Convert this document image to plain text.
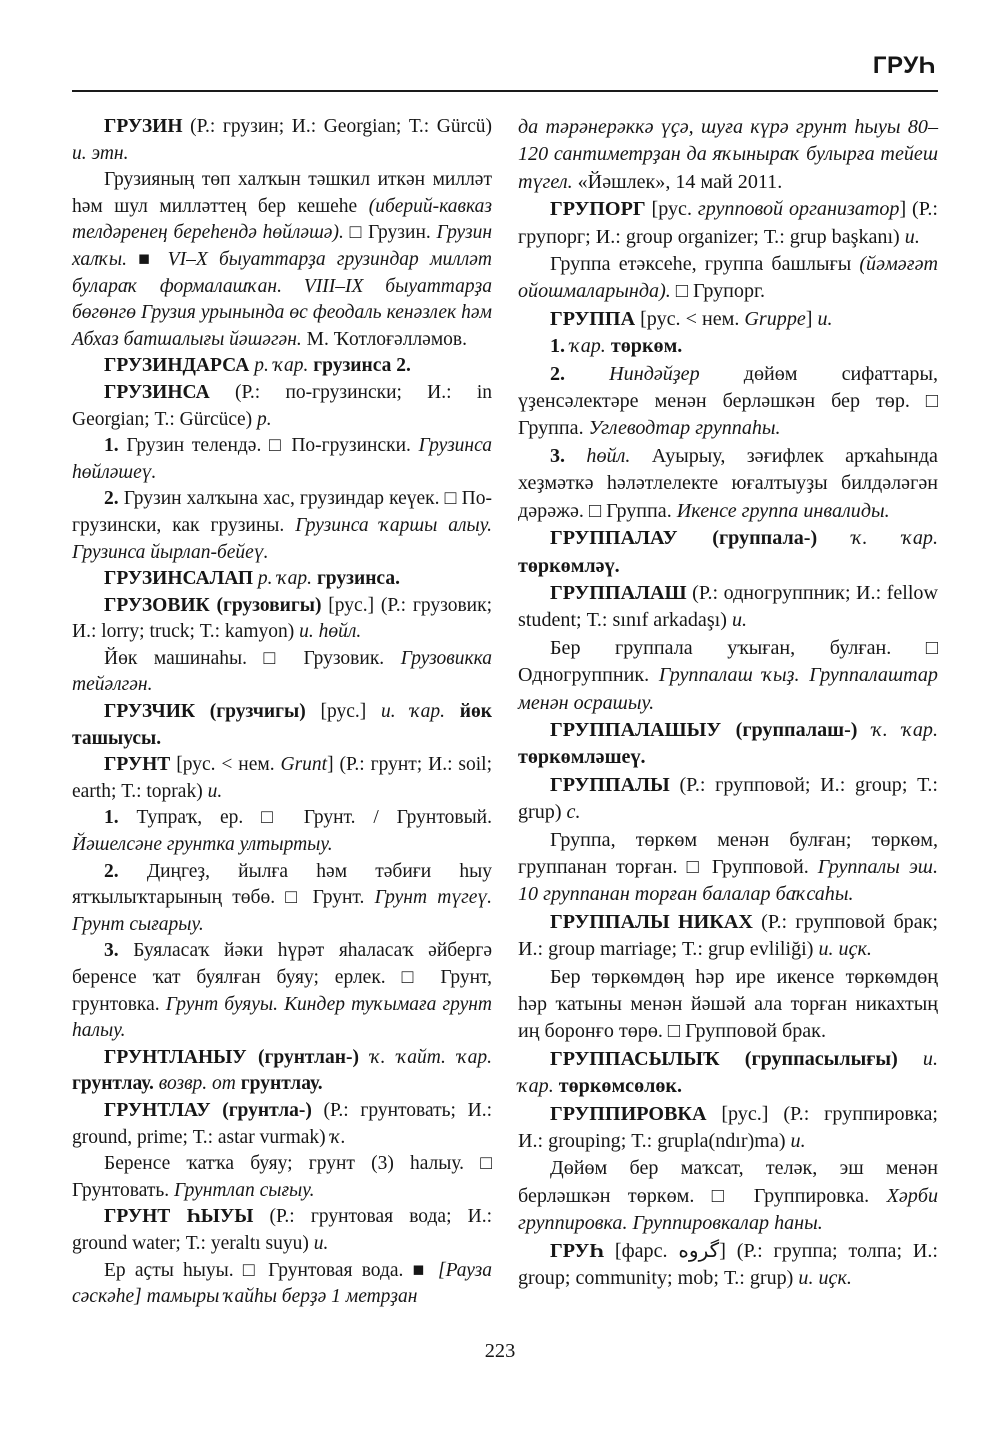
ГРУҺ

ГРУЗИН (Р.: грузин; И.: Georgian; Т.: Gürcü) и. этн.

Грузияның төп халҡын тәшкил иткән милләт һәм шул милләттең бер кешеһе (иберий-кавказ телдәренең береһендә һөйләшә). □ Грузин. Грузин халҡы. ■ VI–X быуаттарҙа грузиндар милләт булараҡ формалашҡан. VIII–IX быуаттарҙа бөгөнгө Грузия урынында өс феодаль кенәзлек һәм Абхаз батшалығы йәшәгән. М. Ҡотлоғәлләмов.

ГРУЗИНДАРСА р. ҡар. грузинса 2.

ГРУЗИНСА (Р.: по-грузински; И.: in Georgian; Т.: Gürcüce) р.

1. Грузин телендә. □ По-грузински. Грузинса һөйләшеү.

2. Грузин халҡына хас, грузиндар кеүек. □ По-грузински, как грузины. Грузинса ҡаршы алыу. Грузинса йырлап-бейеү.

ГРУЗИНСАЛАП р. ҡар. грузинса.

ГРУЗОВИК (грузовигы) [рус.] (Р.: грузовик; И.: lorry; truck; Т.: kamyon) и. һөйл.

Йөк машинаһы. □ Грузовик. Грузовикка тейәлгән.

ГРУЗЧИК (грузчигы) [рус.] и. ҡар. йөк ташыусы.

ГРУНТ [рус. < нем. Grunt] (Р.: грунт; И.: soil; earth; Т.: toprak) и.

1. Тупраҡ, ер. □ Грунт. / Грунтовый. Йәшелсәне грунтка ултыртыу.

2. Диңгеҙ, йылға һәм тәбиғи һыу ятҡылыҡтарының төбө. □ Грунт. Грунт түгеү. Грунт сығарыу.

3. Буяласаҡ йәки һүрәт яһаласаҡ әйбергә беренсе ҡат буялған буяу; ерлек. □ Грунт, грунтовка. Грунт буяуы. Киндер туҡымаға грунт һалыу.

ГРУНТЛАНЫУ (грунтлан-) ҡ. ҡайт. ҡар. грунтлау. возвр. от грунтлау.

ГРУНТЛАУ (грунтла-) (Р.: грунтовать; И.: ground, prime; Т.: astar vurmak) ҡ.

Беренсе ҡатҡа буяу; грунт (3) һалыу. □ Грунтовать. Грунтлап сығыу.

ГРУНТ ҺЫУЫ (Р.: грунтовая вода; И.: ground water; Т.: yeraltı suyu) и.

Ер аҫты һыуы. □ Грунтовая вода. ■ [Рауза сәскәһе] тамыры ҡайһы берҙә 1 метрҙан

да тәрәнерәккә үҫә, шуға күрә грунт һыуы 80–120 сантиметрҙан да яҡыныраҡ булырға тейеш түгел. «Йәшлек», 14 май 2011.

ГРУПОРГ [рус. групповой организатор] (Р.: групорг; И.: group organizer; Т.: grup başkanı) и.

Группа етәксеһе, группа башлығы (йәмәғәт ойошмаларында). □ Групорг.

ГРУППА [рус. < нем. Gruppe] и.

1. ҡар. төркөм.

2. Ниндәйҙер дөйөм сифаттары, үҙенсәлектәре менән берләшкән бер төр. □ Группа. Углеводтар группаһы.

3. һөйл. Ауырыу, зәғифлек арҡаһында хеҙмәткә һәләтлелекте юғалтыуҙы билдәләгән дәрәжә. □ Группа. Икенсе группа инвалиды.

ГРУППАЛАУ (группала-) ҡ. ҡар. төркөмләү.

ГРУППАЛАШ (Р.: одногруппник; И.: fellow student; Т.: sınıf arkadaşı) и.

Бер группала уҡыған, булған. □ Одногруппник. Группалаш ҡыҙ. Группалаштар менән осрашыу.

ГРУППАЛАШЫУ (группалаш-) ҡ. ҡар. төркөмләшеү.

ГРУППАЛЫ (Р.: групповой; И.: group; Т.: grup) с.

Группа, төркөм менән булған; төркөм, группанан торған. □ Групповой. Группалы эш. 10 группанан торған балалар баҡсаһы.

ГРУППАЛЫ НИКАХ (Р.: групповой брак; И.: group marriage; Т.: grup evliliği) и. иҫк.

Бер төркөмдөң һәр ире икенсе төркөмдөң һәр ҡатыны менән йәшәй ала торған никахтың иң боронғо төрө. □ Групповой брак.

ГРУППАСЫЛЫҠ (группасылығы) и. ҡар. төркөмсөлөк.

ГРУППИРОВКА [рус.] (Р.: группировка; И.: grouping; Т.: grupla(ndır)ma) и.

Дөйөм бер маҡсат, теләк, эш менән берләшкән төркөм. □ Группировка. Хәрби группировка. Группировкалар һаны.

ГРУҺ [фарс. گروه] (Р.: группа; толпа; И.: group; community; mob; Т.: grup) и. иҫк.

223
